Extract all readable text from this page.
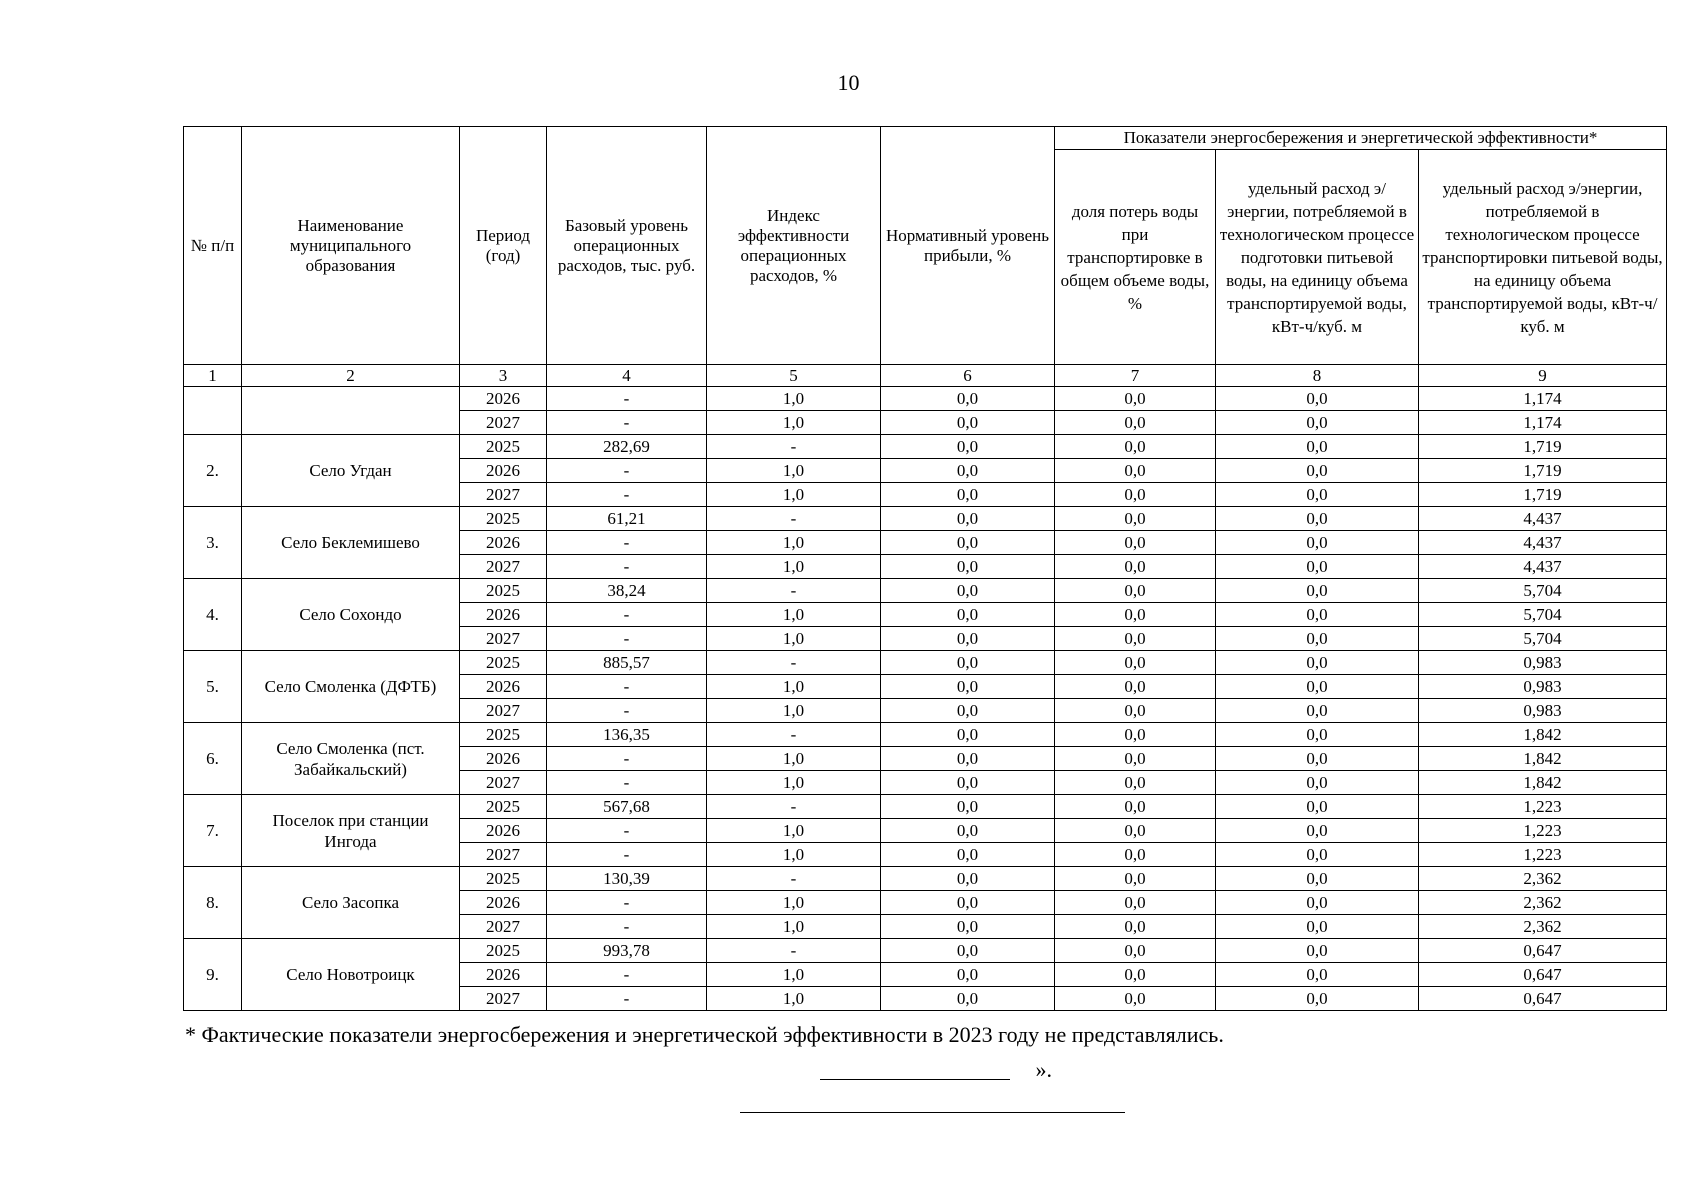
10
№ п/п	Наименование муниципального образования	Период (год)	Базовый уровень операционных расходов, тыс. руб.	Индекс эффективности операционных расходов, %	Нормативный уровень прибыли, %	Показатели энергосбережения и энергетической эффективности*		
						доля потерь воды при транспортировке в общем объеме воды, %	удельный расход э/энергии, потребляемой в технологическом процессе подготовки питьевой воды, на единицу объема транспортируемой воды, кВт-ч/куб. м	удельный расход э/энергии, потребляемой в технологическом процессе транспортировки питьевой воды, на единицу объема транспортируемой воды, кВт-ч/куб. м
1	2	3	4	5	6	7	8	9
		2026	-	1,0	0,0	0,0	0,0	1,174
		2027	-	1,0	0,0	0,0	0,0	1,174
2.	Село Угдан	2025	282,69	-	0,0	0,0	0,0	1,719
		2026	-	1,0	0,0	0,0	0,0	1,719
		2027	-	1,0	0,0	0,0	0,0	1,719
3.	Село Беклемишево	2025	61,21	-	0,0	0,0	0,0	4,437
		2026	-	1,0	0,0	0,0	0,0	4,437
		2027	-	1,0	0,0	0,0	0,0	4,437
4.	Село Сохондо	2025	38,24	-	0,0	0,0	0,0	5,704
		2026	-	1,0	0,0	0,0	0,0	5,704
		2027	-	1,0	0,0	0,0	0,0	5,704
5.	Село Смоленка (ДФТБ)	2025	885,57	-	0,0	0,0	0,0	0,983
		2026	-	1,0	0,0	0,0	0,0	0,983
		2027	-	1,0	0,0	0,0	0,0	0,983
6.	Село Смоленка (пст. Забайкальский)	2025	136,35	-	0,0	0,0	0,0	1,842
		2026	-	1,0	0,0	0,0	0,0	1,842
		2027	-	1,0	0,0	0,0	0,0	1,842
7.	Поселок при станции Ингода	2025	567,68	-	0,0	0,0	0,0	1,223
		2026	-	1,0	0,0	0,0	0,0	1,223
		2027	-	1,0	0,0	0,0	0,0	1,223
8.	Село Засопка	2025	130,39	-	0,0	0,0	0,0	2,362
		2026	-	1,0	0,0	0,0	0,0	2,362
		2027	-	1,0	0,0	0,0	0,0	2,362
9.	Село Новотроицк	2025	993,78	-	0,0	0,0	0,0	0,647
		2026	-	1,0	0,0	0,0	0,0	0,647
		2027	-	1,0	0,0	0,0	0,0	0,647
* Фактические показатели энергосбережения и энергетической эффективности в 2023 году не представлялись.
».
